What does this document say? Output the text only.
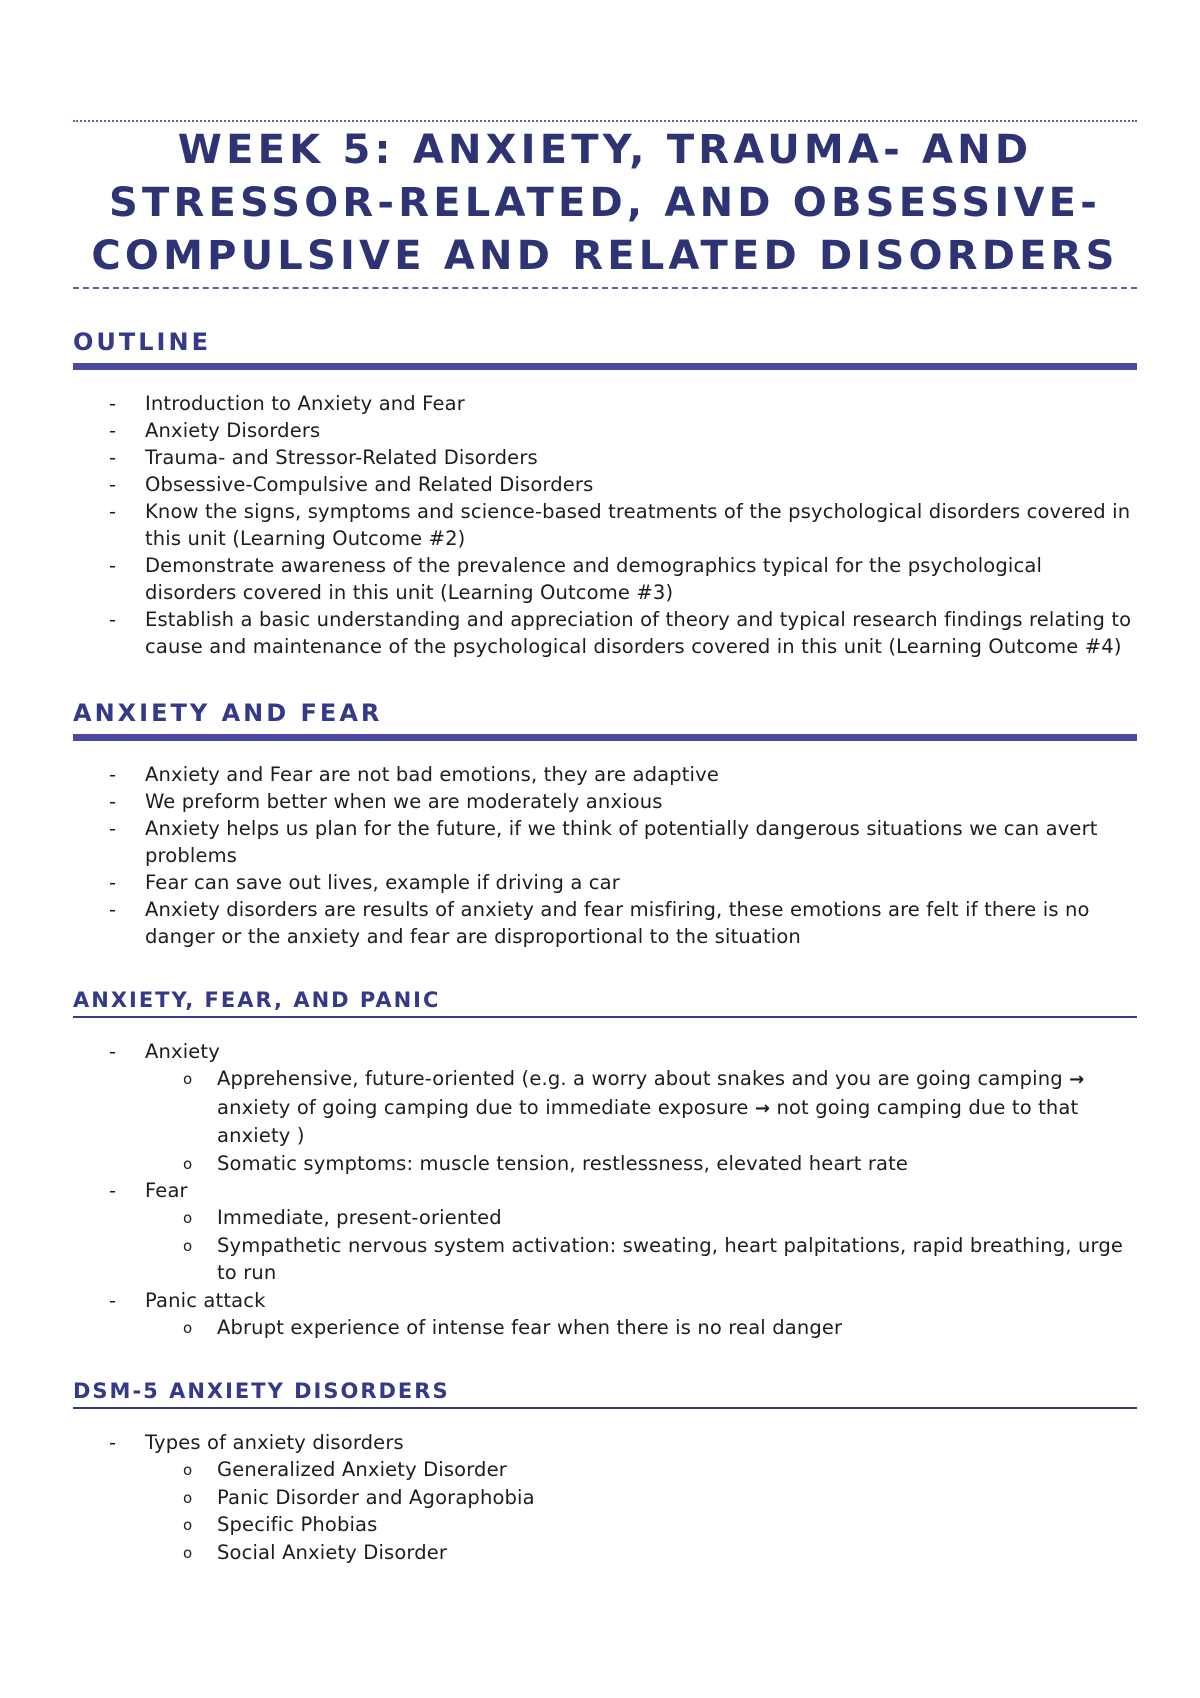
WEEK 5: ANXIETY, TRAUMA- AND
STRESSOR-RELATED, AND OBSESSIVE-
COMPULSIVE AND RELATED DISORDERS
OUTLINE
- Introduction to Anxiety and Fear
- Anxiety Disorders
- Trauma- and Stressor-Related Disorders
- Obsessive-Compulsive and Related Disorders
- Know the signs, symptoms and science-based treatments of the psychological disorders covered in this unit (Learning Outcome #2)
- Demonstrate awareness of the prevalence and demographics typical for the psychological disorders covered in this unit (Learning Outcome #3)
- Establish a basic understanding and appreciation of theory and typical research findings relating to cause and maintenance of the psychological disorders covered in this unit (Learning Outcome #4)
ANXIETY AND FEAR
- Anxiety and Fear are not bad emotions, they are adaptive
- We preform better when we are moderately anxious
- Anxiety helps us plan for the future, if we think of potentially dangerous situations we can avert problems
- Fear can save out lives, example if driving a car
- Anxiety disorders are results of anxiety and fear misfiring, these emotions are felt if there is no danger or the anxiety and fear are disproportional to the situation
ANXIETY, FEAR, AND PANIC
- Anxiety
o Apprehensive, future-oriented (e.g. a worry about snakes and you are going camping → anxiety of going camping due to immediate exposure → not going camping due to that anxiety )
o Somatic symptoms: muscle tension, restlessness, elevated heart rate
- Fear
o Immediate, present-oriented
o Sympathetic nervous system activation: sweating, heart palpitations, rapid breathing, urge to run
- Panic attack
o Abrupt experience of intense fear when there is no real danger
DSM-5 ANXIETY DISORDERS
- Types of anxiety disorders
o Generalized Anxiety Disorder
o Panic Disorder and Agoraphobia
o Specific Phobias
o Social Anxiety Disorder
